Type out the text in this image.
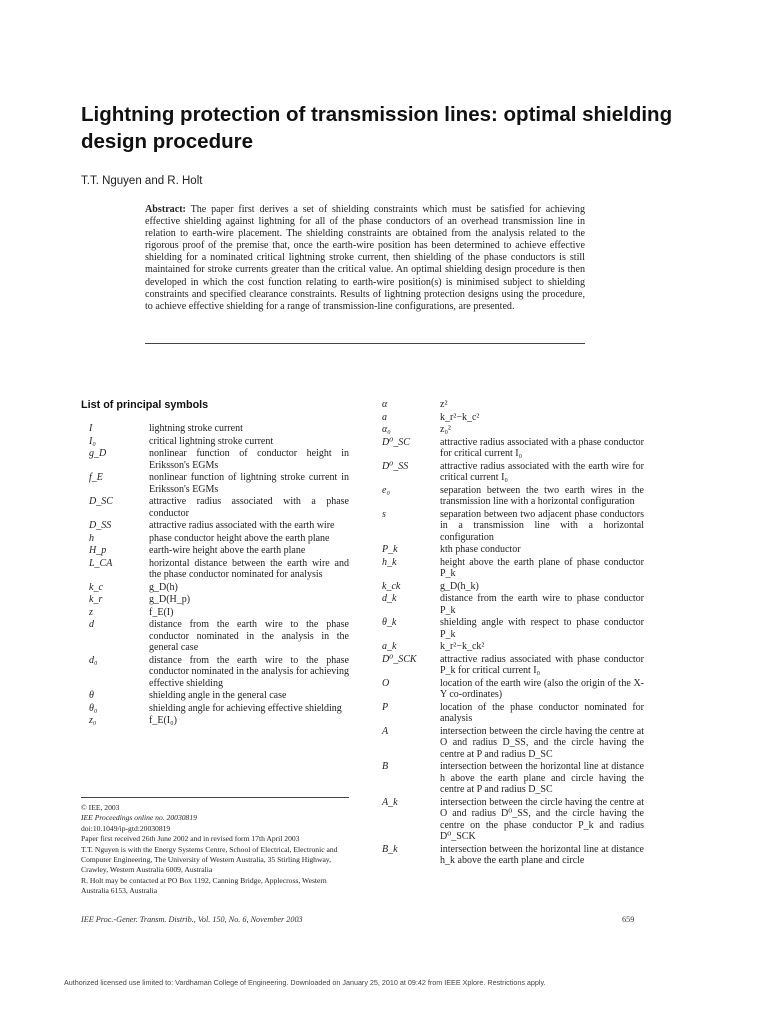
Lightning protection of transmission lines: optimal shielding design procedure
T.T. Nguyen and R. Holt
Abstract: The paper first derives a set of shielding constraints which must be satisfied for achieving effective shielding against lightning for all of the phase conductors of an overhead transmission line in relation to earth-wire placement. The shielding constraints are obtained from the analysis related to the rigorous proof of the premise that, once the earth-wire position has been determined to achieve effective shielding for a nominated critical lightning stroke current, then shielding of the phase conductors is still maintained for stroke currents greater than the critical value. An optimal shielding design procedure is then developed in which the cost function relating to earth-wire position(s) is minimised subject to shielding constraints and specified clearance constraints. Results of lightning protection designs using the procedure, to achieve effective shielding for a range of transmission-line configurations, are presented.
List of principal symbols
I	lightning stroke current
I₀	critical lightning stroke current
g_D	nonlinear function of conductor height in Eriksson's EGMs
f_E	nonlinear function of lightning stroke current in Eriksson's EGMs
D_SC	attractive radius associated with a phase conductor
D_SS	attractive radius associated with the earth wire
h	phase conductor height above the earth plane
H_p	earth-wire height above the earth plane
L_CA	horizontal distance between the earth wire and the phase conductor nominated for analysis
k_c	g_D(h)
k_r	g_D(H_p)
z	f_E(I)
d	distance from the earth wire to the phase conductor nominated in the analysis in the general case
d₀	distance from the earth wire to the phase conductor nominated in the analysis for achieving effective shielding
θ	shielding angle in the general case
θ₀	shielding angle for achieving effective shielding
z₀	f_E(I₀)
α	z²
a	k_r²−k_c²
α₀	z₀²
D⁰_SC	attractive radius associated with a phase conductor for critical current I₀
D⁰_SS	attractive radius associated with the earth wire for critical current I₀
e₀	separation between the two earth wires in the transmission line with a horizontal configuration
s	separation between two adjacent phase conductors in a transmission line with a horizontal configuration
P_k	kth phase conductor
h_k	height above the earth plane of phase conductor P_k
k_ck	g_D(h_k)
d_k	distance from the earth wire to phase conductor P_k
θ_k	shielding angle with respect to phase conductor P_k
a_k	k_r²−k_ck²
D⁰_SCK	attractive radius associated with phase conductor P_k for critical current I₀
O	location of the earth wire (also the origin of the X-Y co-ordinates)
P	location of the phase conductor nominated for analysis
A	intersection between the circle having the centre at O and radius D_SS, and the circle having the centre at P and radius D_SC
B	intersection between the horizontal line at distance h above the earth plane and circle having the centre at P and radius D_SC
A_k	intersection between the circle having the centre at O and radius D⁰_SS, and the circle having the centre on the phase conductor P_k and radius D⁰_SCK
B_k	intersection between the horizontal line at distance h_k above the earth plane and circle
© IEE, 2003
IEE Proceedings online no. 20030819
doi:10.1049/ip-gtd:20030819
Paper first received 26th June 2002 and in revised form 17th April 2003
T.T. Nguyen is with the Energy Systems Centre, School of Electrical, Electronic and Computer Engineering, The University of Western Australia, 35 Stirling Highway, Crawley, Western Australia 6009, Australia
R. Holt may be contacted at PO Box 1192, Canning Bridge, Applecross, Western Australia 6153, Australia
IEE Proc.-Gener. Transm. Distrib., Vol. 150, No. 6, November 2003	659
Authorized licensed use limited to: Vardhaman College of Engineering. Downloaded on January 25, 2010 at 09:42 from IEEE Xplore. Restrictions apply.
